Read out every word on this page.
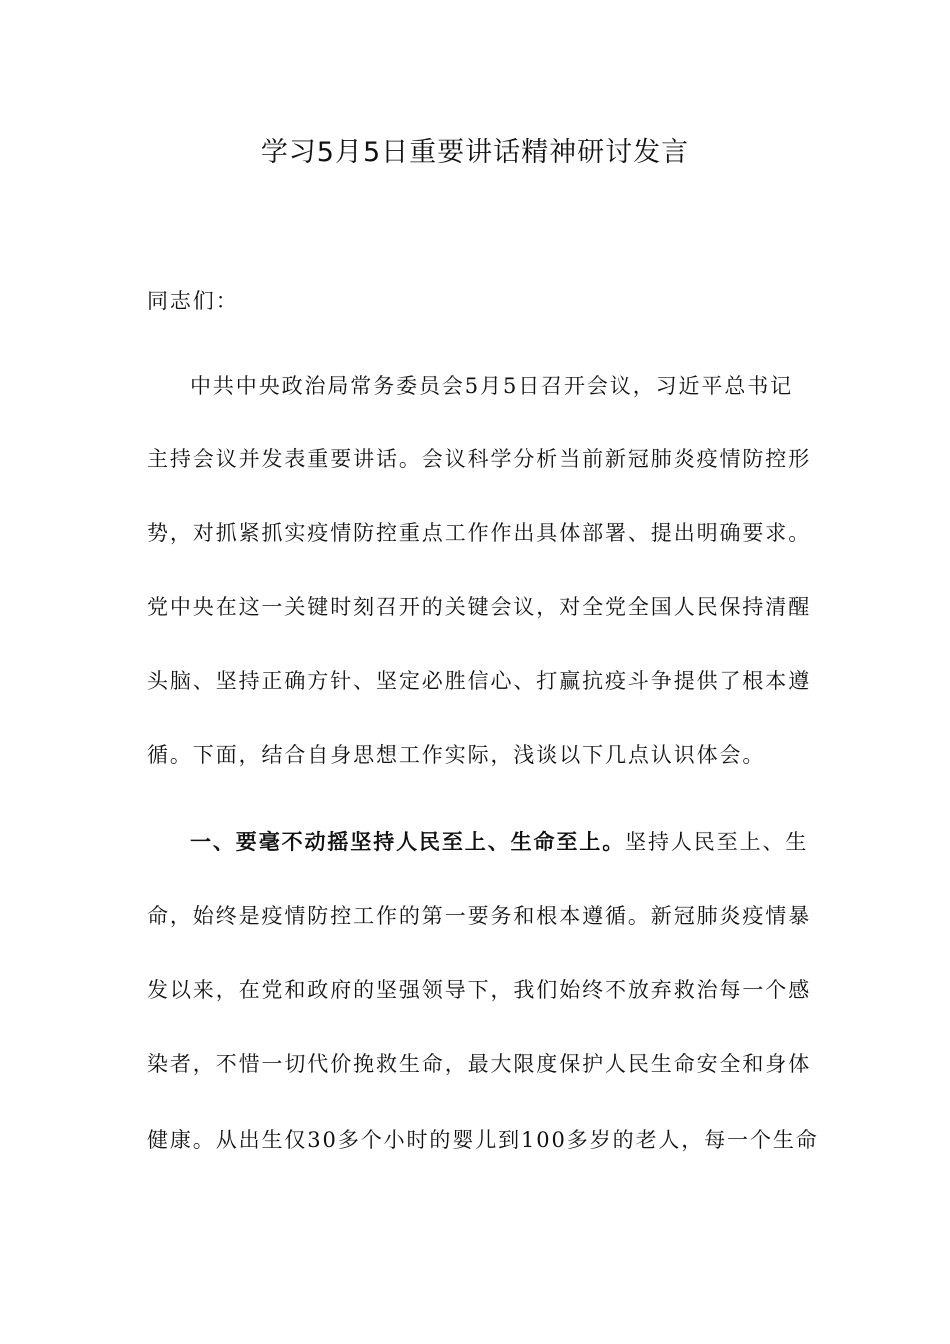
学习5月5日重要讲话精神研讨发言
同志们：
中共中央政治局常务委员会5月5日召开会议，习近平总书记
主持会议并发表重要讲话。会议科学分析当前新冠肺炎疫情防控形
势，对抓紧抓实疫情防控重点工作作出具体部署、提出明确要求。
党中央在这一关键时刻召开的关键会议，对全党全国人民保持清醒
头脑、坚持正确方针、坚定必胜信心、打赢抗疫斗争提供了根本遵
循。下面，结合自身思想工作实际，浅谈以下几点认识体会。
一、要毫不动摇坚持人民至上、生命至上。坚持人民至上、生
命，始终是疫情防控工作的第一要务和根本遵循。新冠肺炎疫情暴
发以来，在党和政府的坚强领导下，我们始终不放弃救治每一个感
染者，不惜一切代价挽救生命，最大限度保护人民生命安全和身体
健康。从出生仅30多个小时的婴儿到100多岁的老人，每一个生命
